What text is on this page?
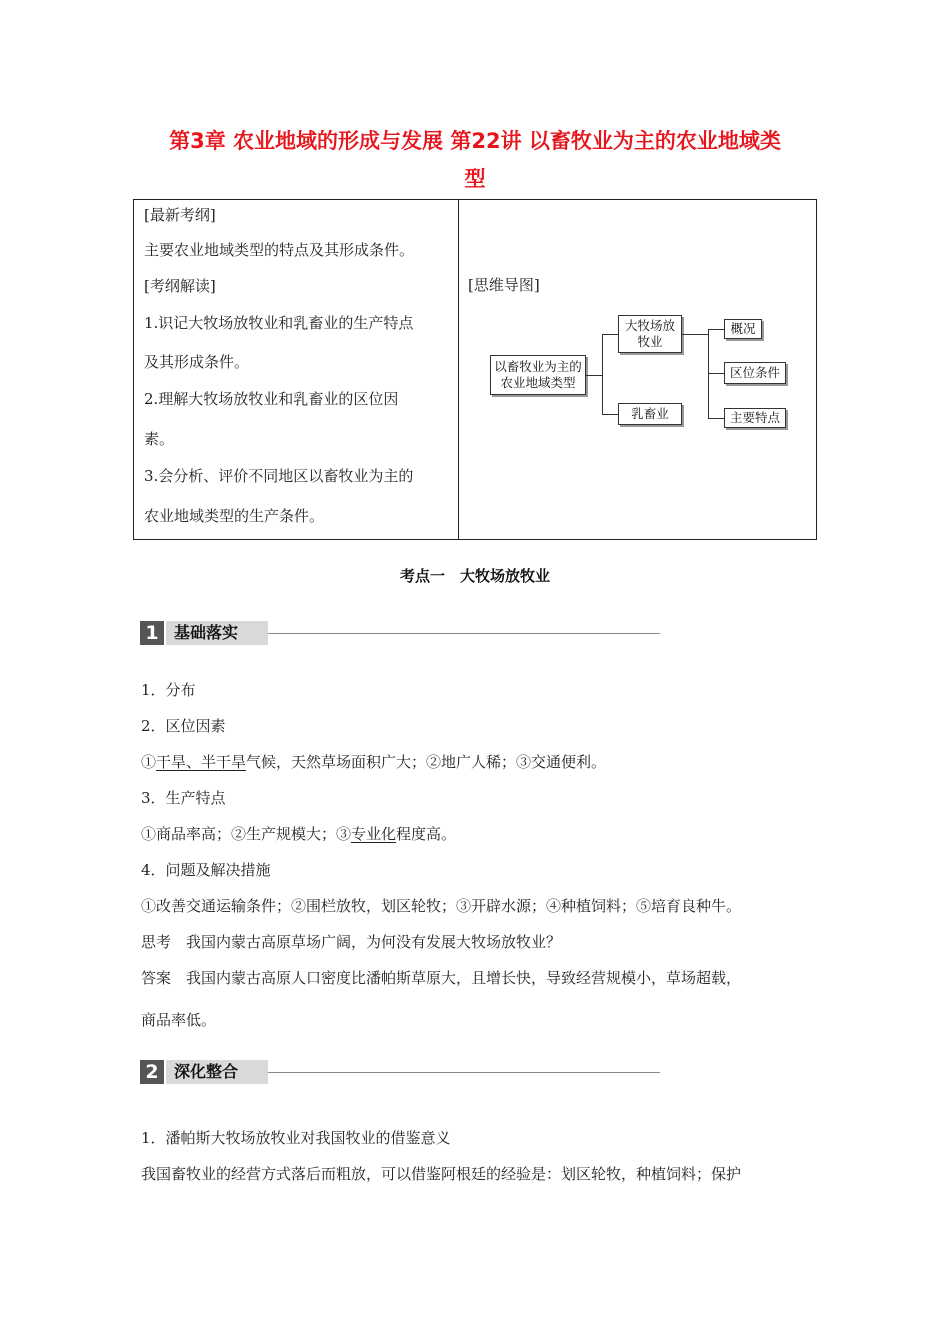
第3章 农业地域的形成与发展 第22讲 以畜牧业为主的农业地域类
型
[最新考纲]
主要农业地域类型的特点及其形成条件。
[考纲解读]
1.识记大牧场放牧业和乳畜业的生产特点
及其形成条件。
2.理解大牧场放牧业和乳畜业的区位因
素。
3.会分析、评价不同地区以畜牧业为主的
农业地域类型的生产条件。
[思维导图]
以畜牧业为主的农业地域类型
大牧场放牧业
乳畜业
概况
区位条件
主要特点
考点一　大牧场放牧业
1 基础落实
1．分布
2．区位因素
①干旱、半干旱气候，天然草场面积广大；②地广人稀；③交通便利。
3．生产特点
①商品率高；②生产规模大；③专业化程度高。
4．问题及解决措施
①改善交通运输条件；②围栏放牧，划区轮牧；③开辟水源；④种植饲料；⑤培育良种牛。
思考　我国内蒙古高原草场广阔，为何没有发展大牧场放牧业？
答案　我国内蒙古高原人口密度比潘帕斯草原大，且增长快，导致经营规模小，草场超载，
商品率低。
2 深化整合
1．潘帕斯大牧场放牧业对我国牧业的借鉴意义
我国畜牧业的经营方式落后而粗放，可以借鉴阿根廷的经验是：划区轮牧，种植饲料；保护
